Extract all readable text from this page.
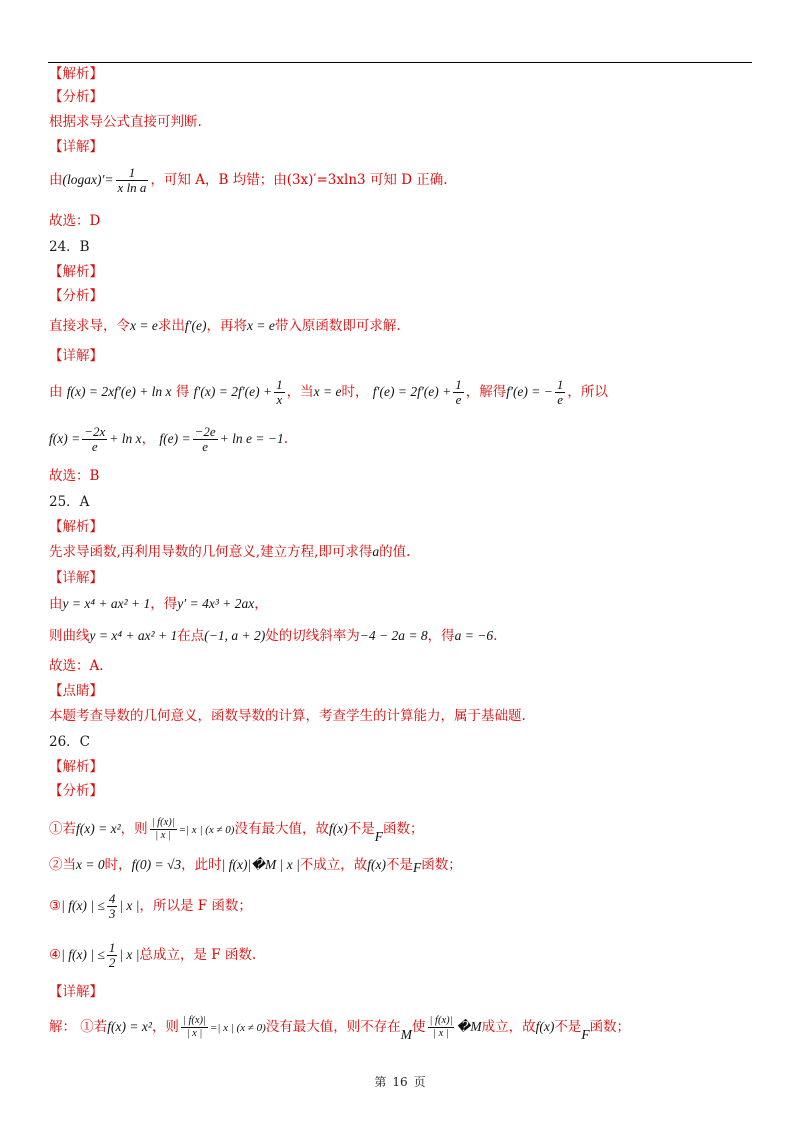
【解析】
【分析】
根据求导公式直接可判断.
【详解】
由(logax)′= $\frac{1}{\text{x ln a}}$ ，可知 A，B 均错；由(3x)′=3xln3 可知 D 正确.
故选：D
24．B
【解析】
【分析】
直接求导，令x = e求出f′(e)，再将x = e带入原函数即可求解.
【详解】
由 f(x) = 2xf′(e) + ln x 得 $f'(x) = 2f'(e) + \frac{1}{x}$ ，当x = e时， $f'(e) = 2f'(e) + \frac{1}{e}$ ，解得f′(e) = − $\frac{1}{e}$ ，所以
$f(x) = \frac{-2x}{e} + \ln x$， $f(e) = \frac{-2e}{e} + \ln e = -1$.
故选：B
25．A
【解析】
先求导函数,再利用导数的几何意义,建立方程,即可求得a的值.
【详解】
由y = x⁴ + ax² + 1，得y′ = 4x³ + 2ax，
则曲线y = x⁴ + ax² + 1在点(−1, a + 2)处的切线斜率为−4 − 2a = 8，得a = −6.
故选：A.
【点睛】
本题考查导数的几何意义，函数导数的计算，考查学生的计算能力，属于基础题.
26．C
【解析】
【分析】
①若f(x) = x²，则 $\frac{| f(x)|}{| x |}$ =| x | (x ≠ 0)没有最大值，故f(x)不是F函数；
②当x = 0时，f(0) = √3，此时| f(x)|�M | x |不成立，故f(x)不是F函数；
③| f(x) | ≤ $\frac{4}{3}$ | x |，所以是 F 函数；
④| f(x) | ≤ $\frac{1}{2}$ | x |总成立，是 F 函数.
【详解】
解： ①若f(x) = x²，则 $\frac{| f(x)|}{| x |}$ =| x | (x ≠ 0)没有最大值，则不存在M使 $\frac{| f(x)|}{| x |}$ �M成立，故f(x)不是F函数；
第 16 页
